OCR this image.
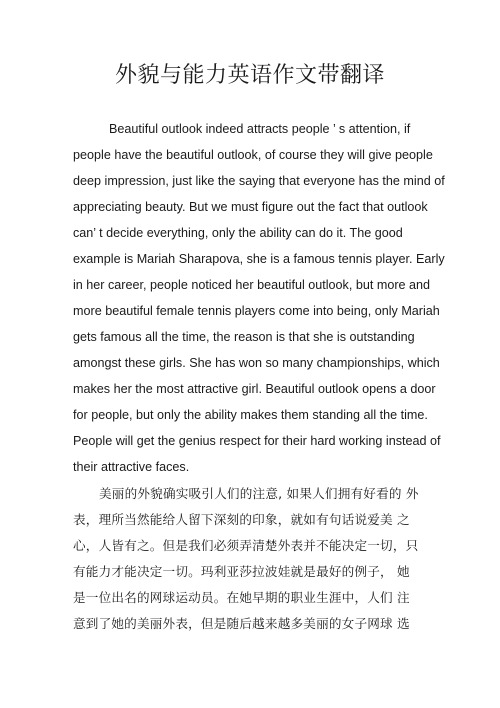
外貌与能力英语作文带翻译
Beautiful outlook indeed attracts people ’ s attention, if
people have the beautiful outlook, of course they will give people
deep impression, just like the saying that everyone has the mind of
appreciating beauty. But we must figure out the fact that outlook
can’ t decide everything, only the ability can do it. The good
example is Mariah Sharapova, she is a famous tennis player. Early
in her career, people noticed her beautiful outlook, but more and
more beautiful female tennis players come into being, only Mariah
gets famous all the time, the reason is that she is outstanding
amongst these girls. She has won so many championships, which
makes her the most attractive girl. Beautiful outlook opens a door
for people, but only the ability makes them standing all the time.
People will get the genius respect for their hard working instead of
their attractive faces.
美丽的外貌确实吸引人们的注意, 如果人们拥有好看的 外
表，理所当然能给人留下深刻的印象，就如有句话说爱美 之
心，人皆有之。但是我们必须弄清楚外表并不能决定一切，只
有能力才能决定一切。玛利亚莎拉波娃就是最好的例子， 她
是一位出名的网球运动员。在她早期的职业生涯中，人们 注
意到了她的美丽外表，但是随后越来越多美丽的女子网球 选
